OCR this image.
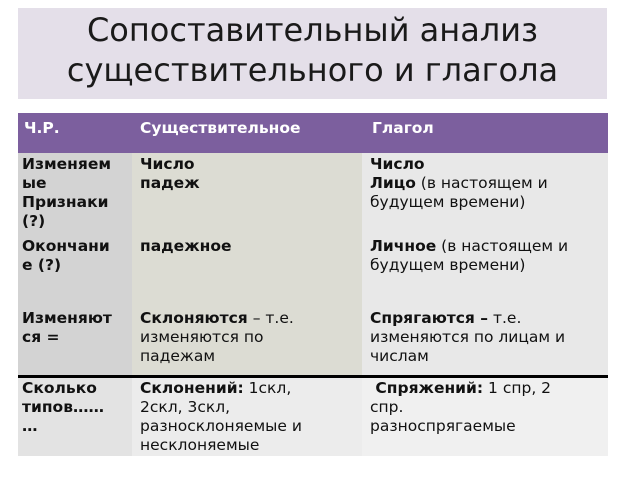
Сопоставительный анализ
существительного и глагола
Ч.Р.	Существительное	Глагол
Изменяем
ые
Признаки
(?)
Окончани
е (?)
Изменяют
ся =
Сколько
типов……
…
Число
падеж
падежное
Склоняются – т.е.
изменяются по
падежам
Склонений: 1скл,
2скл, 3скл,
разносклоняемые и
несклоняемые
Число
Лицо (в настоящем и
будущем времени)
Личное (в настоящем и
будущем времени)
Спрягаются – т.е.
изменяются по лицам и
числам
Спряжений: 1 спр, 2
спр.
разноспрягаемые
